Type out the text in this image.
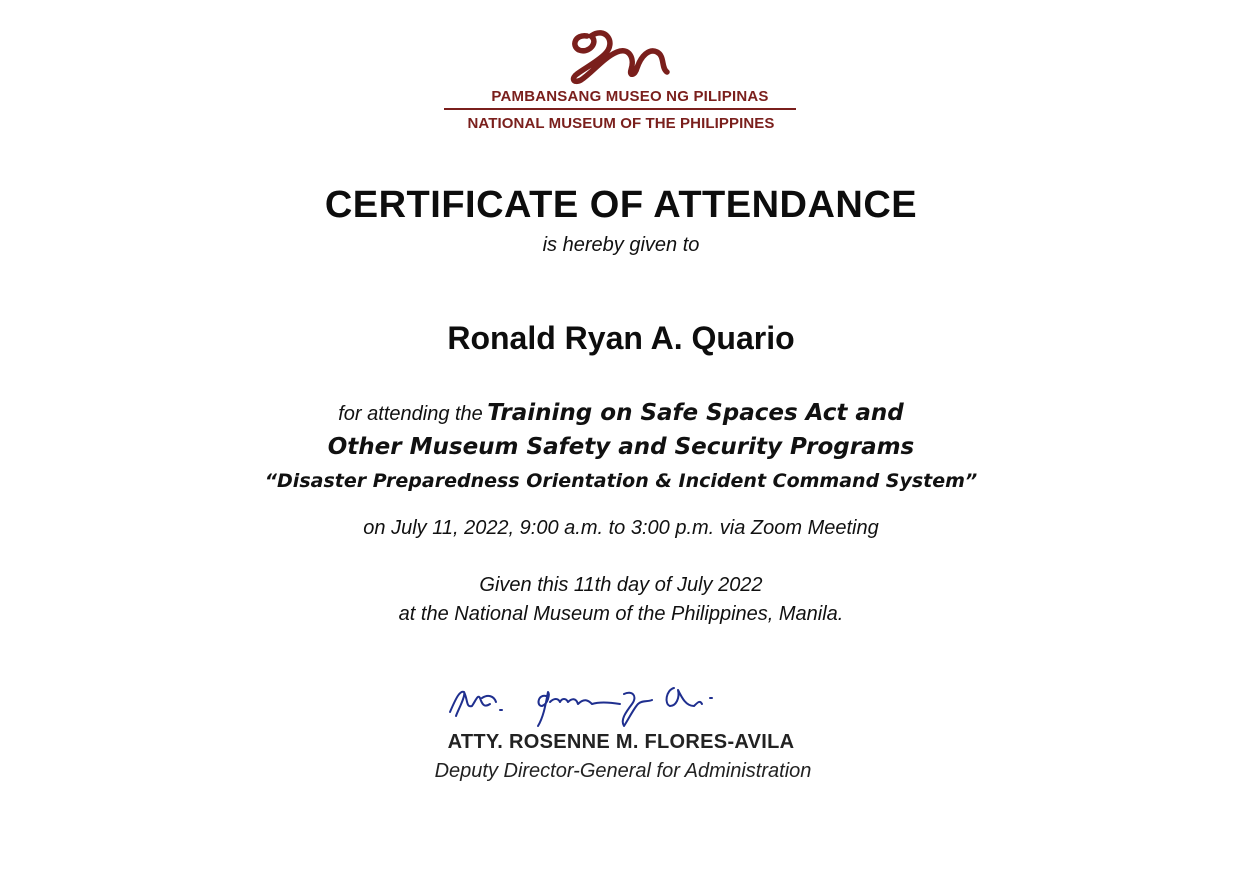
PAMBANSANG MUSEO NG PILIPINAS
NATIONAL MUSEUM OF THE PHILIPPINES
CERTIFICATE OF ATTENDANCE
is hereby given to
Ronald Ryan A. Quario
for attending the Training on Safe Spaces Act and
Other Museum Safety and Security Programs
“Disaster Preparedness Orientation & Incident Command System”
on July 11, 2022, 9:00 a.m. to 3:00 p.m. via Zoom Meeting
Given this 11th day of July 2022
at the National Museum of the Philippines, Manila.
ATTY. ROSENNE M. FLORES-AVILA
Deputy Director-General for Administration
